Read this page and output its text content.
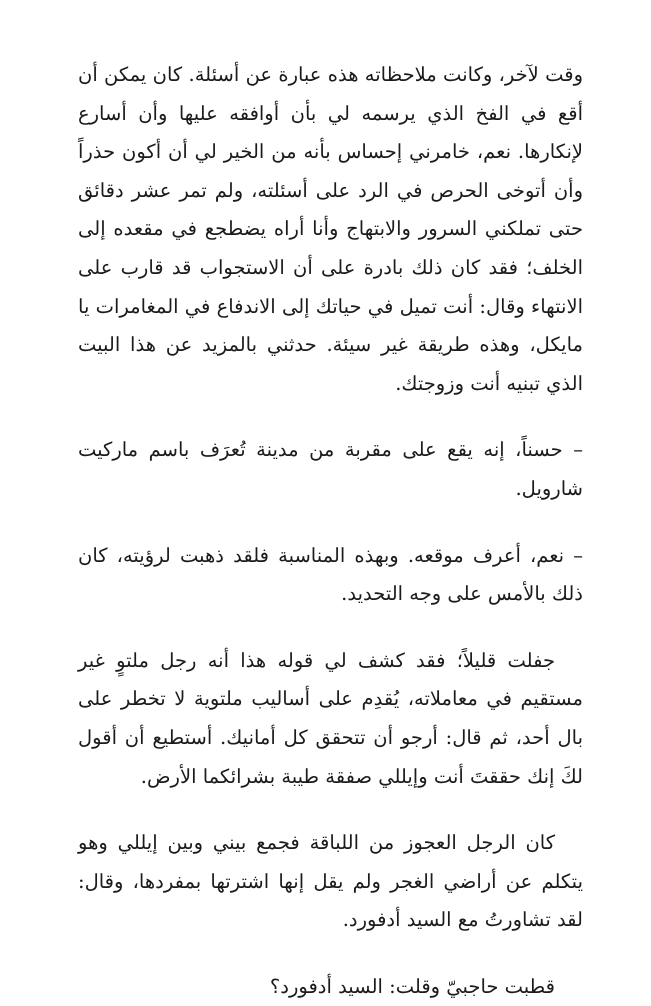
وقت لآخر، وكانت ملاحظاته هذه عبارة عن أسئلة. كان يمكن أن أقع في الفخ الذي يرسمه لي بأن أوافقه عليها وأن أسارع لإنكارها. نعم، خامرني إحساس بأنه من الخير لي أن أكون حذراً وأن أتوخى الحرص في الرد على أسئلته، ولم تمر عشر دقائق حتى تملكني السرور والابتهاج وأنا أراه يضطجع في مقعده إلى الخلف؛ فقد كان ذلك بادرة على أن الاستجواب قد قارب على الانتهاء وقال: أنت تميل في حياتك إلى الاندفاع في المغامرات يا مايكل، وهذه طريقة غير سيئة. حدثني بالمزيد عن هذا البيت الذي تبنيه أنت وزوجتك.

– حسناً، إنه يقع على مقربة من مدينة تُعرَف باسم ماركيت شارويل.

– نعم، أعرف موقعه. وبهذه المناسبة فلقد ذهبت لرؤيته، كان ذلك بالأمس على وجه التحديد.

جفلت قليلاً؛ فقد كشف لي قوله هذا أنه رجل ملتوٍ غير مستقيم في معاملاته، يُقدِم على أساليب ملتوية لا تخطر على بال أحد، ثم قال: أرجو أن تتحقق كل أمانيك. أستطيع أن أقول لكَ إنك حققتَ أنت وإيللي صفقة طيبة بشرائكما الأرض.

كان الرجل العجوز من اللباقة فجمع بيني وبين إيللي وهو يتكلم عن أراضي الغجر ولم يقل إنها اشترتها بمفردها، وقال: لقد تشاورتُ مع السيد أدفورد.

قطبت حاجبيّ وقلت: السيد أدفورد؟
